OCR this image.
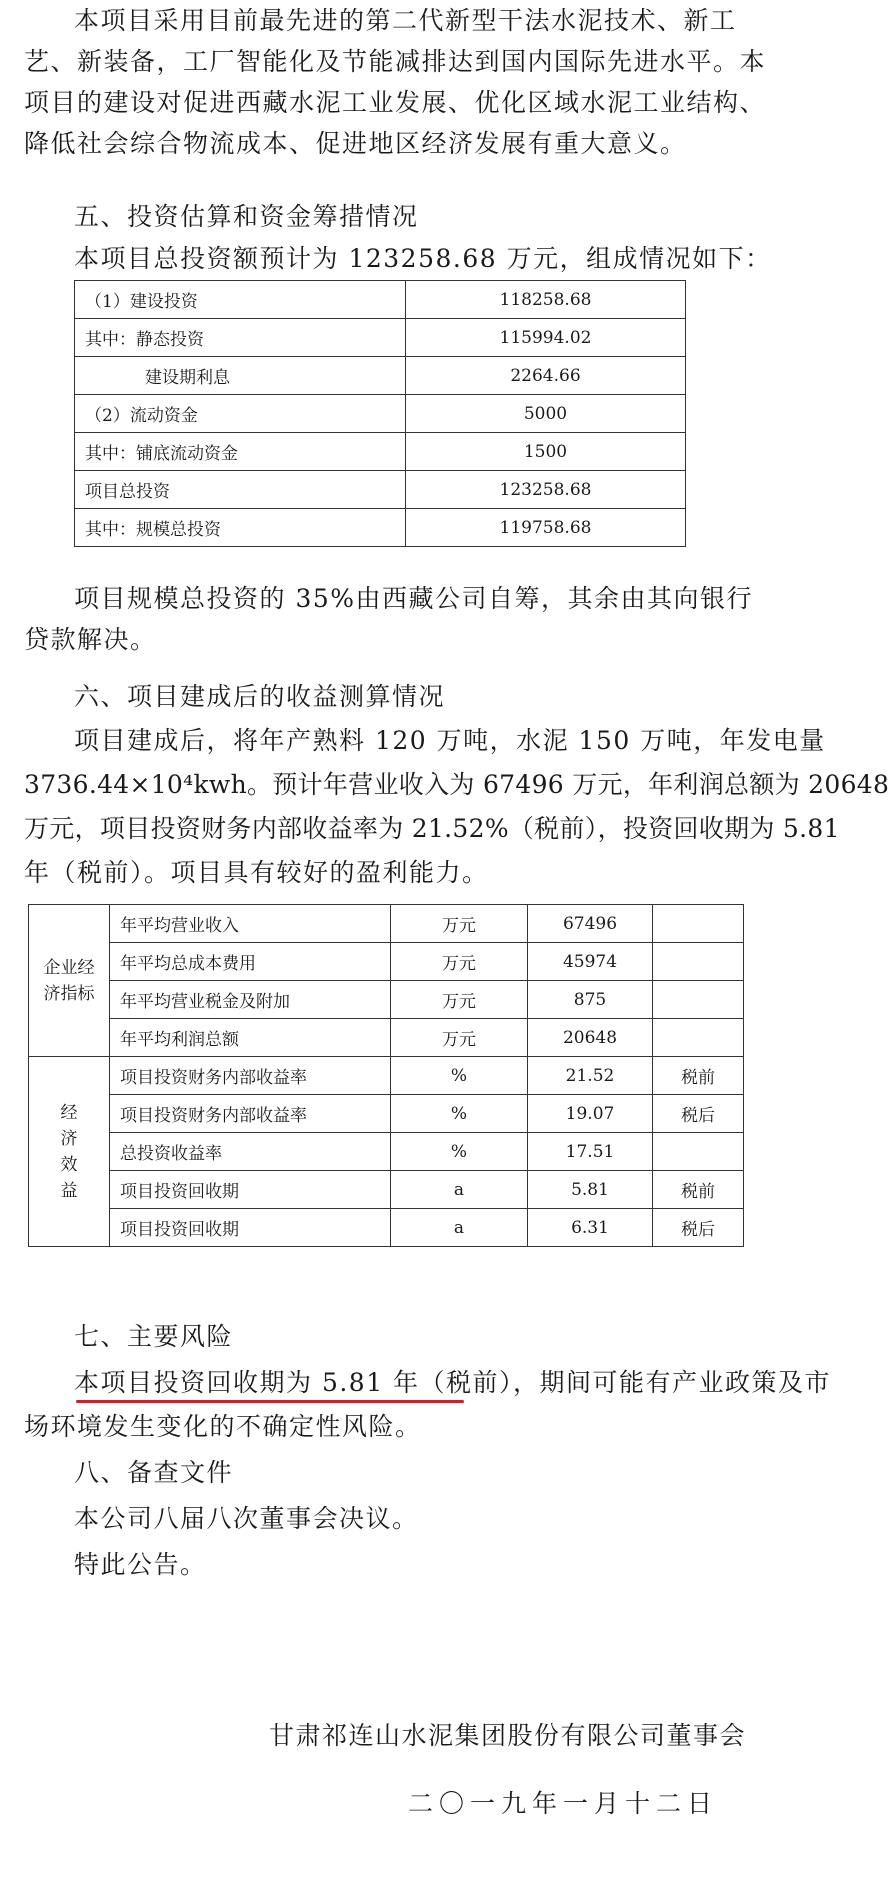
本项目采用目前最先进的第二代新型干法水泥技术、新工艺、新装备，工厂智能化及节能减排达到国内国际先进水平。本项目的建设对促进西藏水泥工业发展、优化区域水泥工业结构、降低社会综合物流成本、促进地区经济发展有重大意义。

五、投资估算和资金筹措情况

本项目总投资额预计为 123258.68 万元，组成情况如下：

（1）建设投资	118258.68
其中：静态投资	115994.02
建设期利息	2264.66
（2）流动资金	5000
其中：铺底流动资金	1500
项目总投资	123258.68
其中：规模总投资	119758.68

项目规模总投资的 35%由西藏公司自筹，其余由其向银行贷款解决。

六、项目建成后的收益测算情况

项目建成后，将年产熟料 120 万吨，水泥 150 万吨，年发电量

3736.44×10⁴kwh。预计年营业收入为 67496 万元，年利润总额为 20648

万元，项目投资财务内部收益率为 21.52%（税前），投资回收期为 5.81

年（税前）。项目具有较好的盈利能力。

企业经济指标	年平均营业收入	万元	67496	
	年平均总成本费用	万元	45974	
	年平均营业税金及附加	万元	875	
	年平均利润总额	万元	20648	

经济效益	项目投资财务内部收益率	%	21.52	税前
	项目投资财务内部收益率	%	19.07	税后
	总投资收益率	%	17.51	
	项目投资回收期	a	5.81	税前
	项目投资回收期	a	6.31	税后

七、主要风险

本项目投资回收期为 5.81 年（税前），期间可能有产业政策及市

场环境发生变化的不确定性风险。

八、备查文件

本公司八届八次董事会决议。

特此公告。

甘肃祁连山水泥集团股份有限公司董事会
二〇一九年一月十二日
